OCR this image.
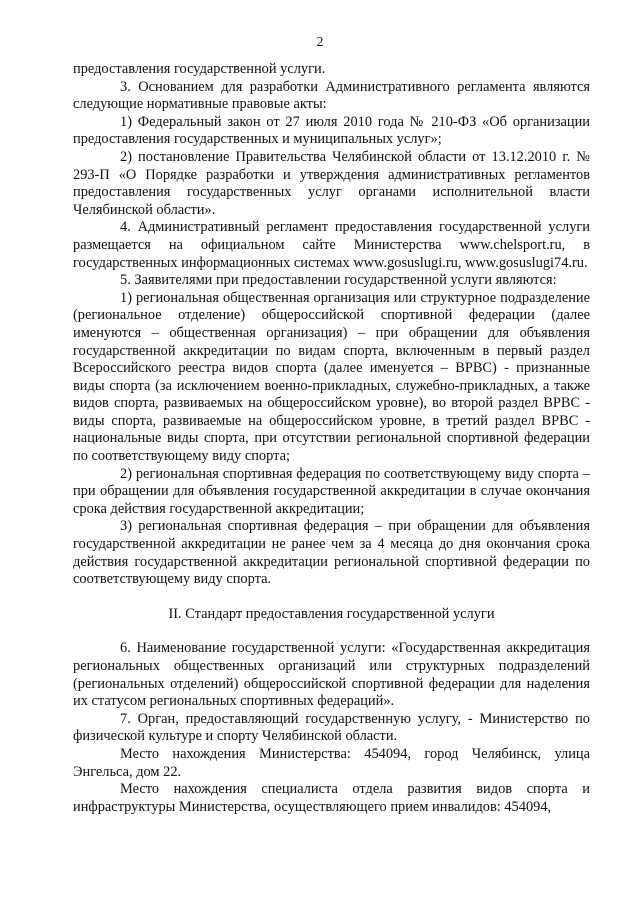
2

предоставления государственной услуги.

3. Основанием для разработки Административного регламента являются следующие нормативные правовые акты:

1) Федеральный закон от 27 июля 2010 года № 210-ФЗ «Об организации предоставления государственных и муниципальных услуг»;

2) постановление Правительства Челябинской области от 13.12.2010 г. № 293-П «О Порядке разработки и утверждения административных регламентов предоставления государственных услуг органами исполнительной власти Челябинской области».

4. Административный регламент предоставления государственной услуги размещается на официальном сайте Министерства www.chelsport.ru, в государственных информационных системах www.gosuslugi.ru, www.gosuslugi74.ru.

5. Заявителями при предоставлении государственной услуги являются:

1) региональная общественная организация или структурное подразделение (региональное отделение) общероссийской спортивной федерации (далее именуются – общественная организация) – при обращении для объявления государственной аккредитации по видам спорта, включенным в первый раздел Всероссийского реестра видов спорта (далее именуется – ВРВС) - признанные виды спорта (за исключением военно-прикладных, служебно-прикладных, а также видов спорта, развиваемых на общероссийском уровне), во второй раздел ВРВС - виды спорта, развиваемые на общероссийском уровне, в третий раздел ВРВС - национальные виды спорта, при отсутствии региональной спортивной федерации по соответствующему виду спорта;

2) региональная спортивная федерация по соответствующему виду спорта – при обращении для объявления государственной аккредитации в случае окончания срока действия государственной аккредитации;

3) региональная спортивная федерация – при обращении для объявления государственной аккредитации не ранее чем за 4 месяца до дня окончания срока действия государственной аккредитации региональной спортивной федерации по соответствующему виду спорта.

II. Стандарт предоставления государственной услуги

6. Наименование государственной услуги: «Государственная аккредитация региональных общественных организаций или структурных подразделений (региональных отделений) общероссийской спортивной федерации для наделения их статусом региональных спортивных федераций».

7. Орган, предоставляющий государственную услугу, - Министерство по физической культуре и спорту Челябинской области.

Место нахождения Министерства: 454094, город Челябинск, улица Энгельса, дом 22.

Место нахождения специалиста отдела развития видов спорта и инфраструктуры Министерства, осуществляющего прием инвалидов: 454094,
